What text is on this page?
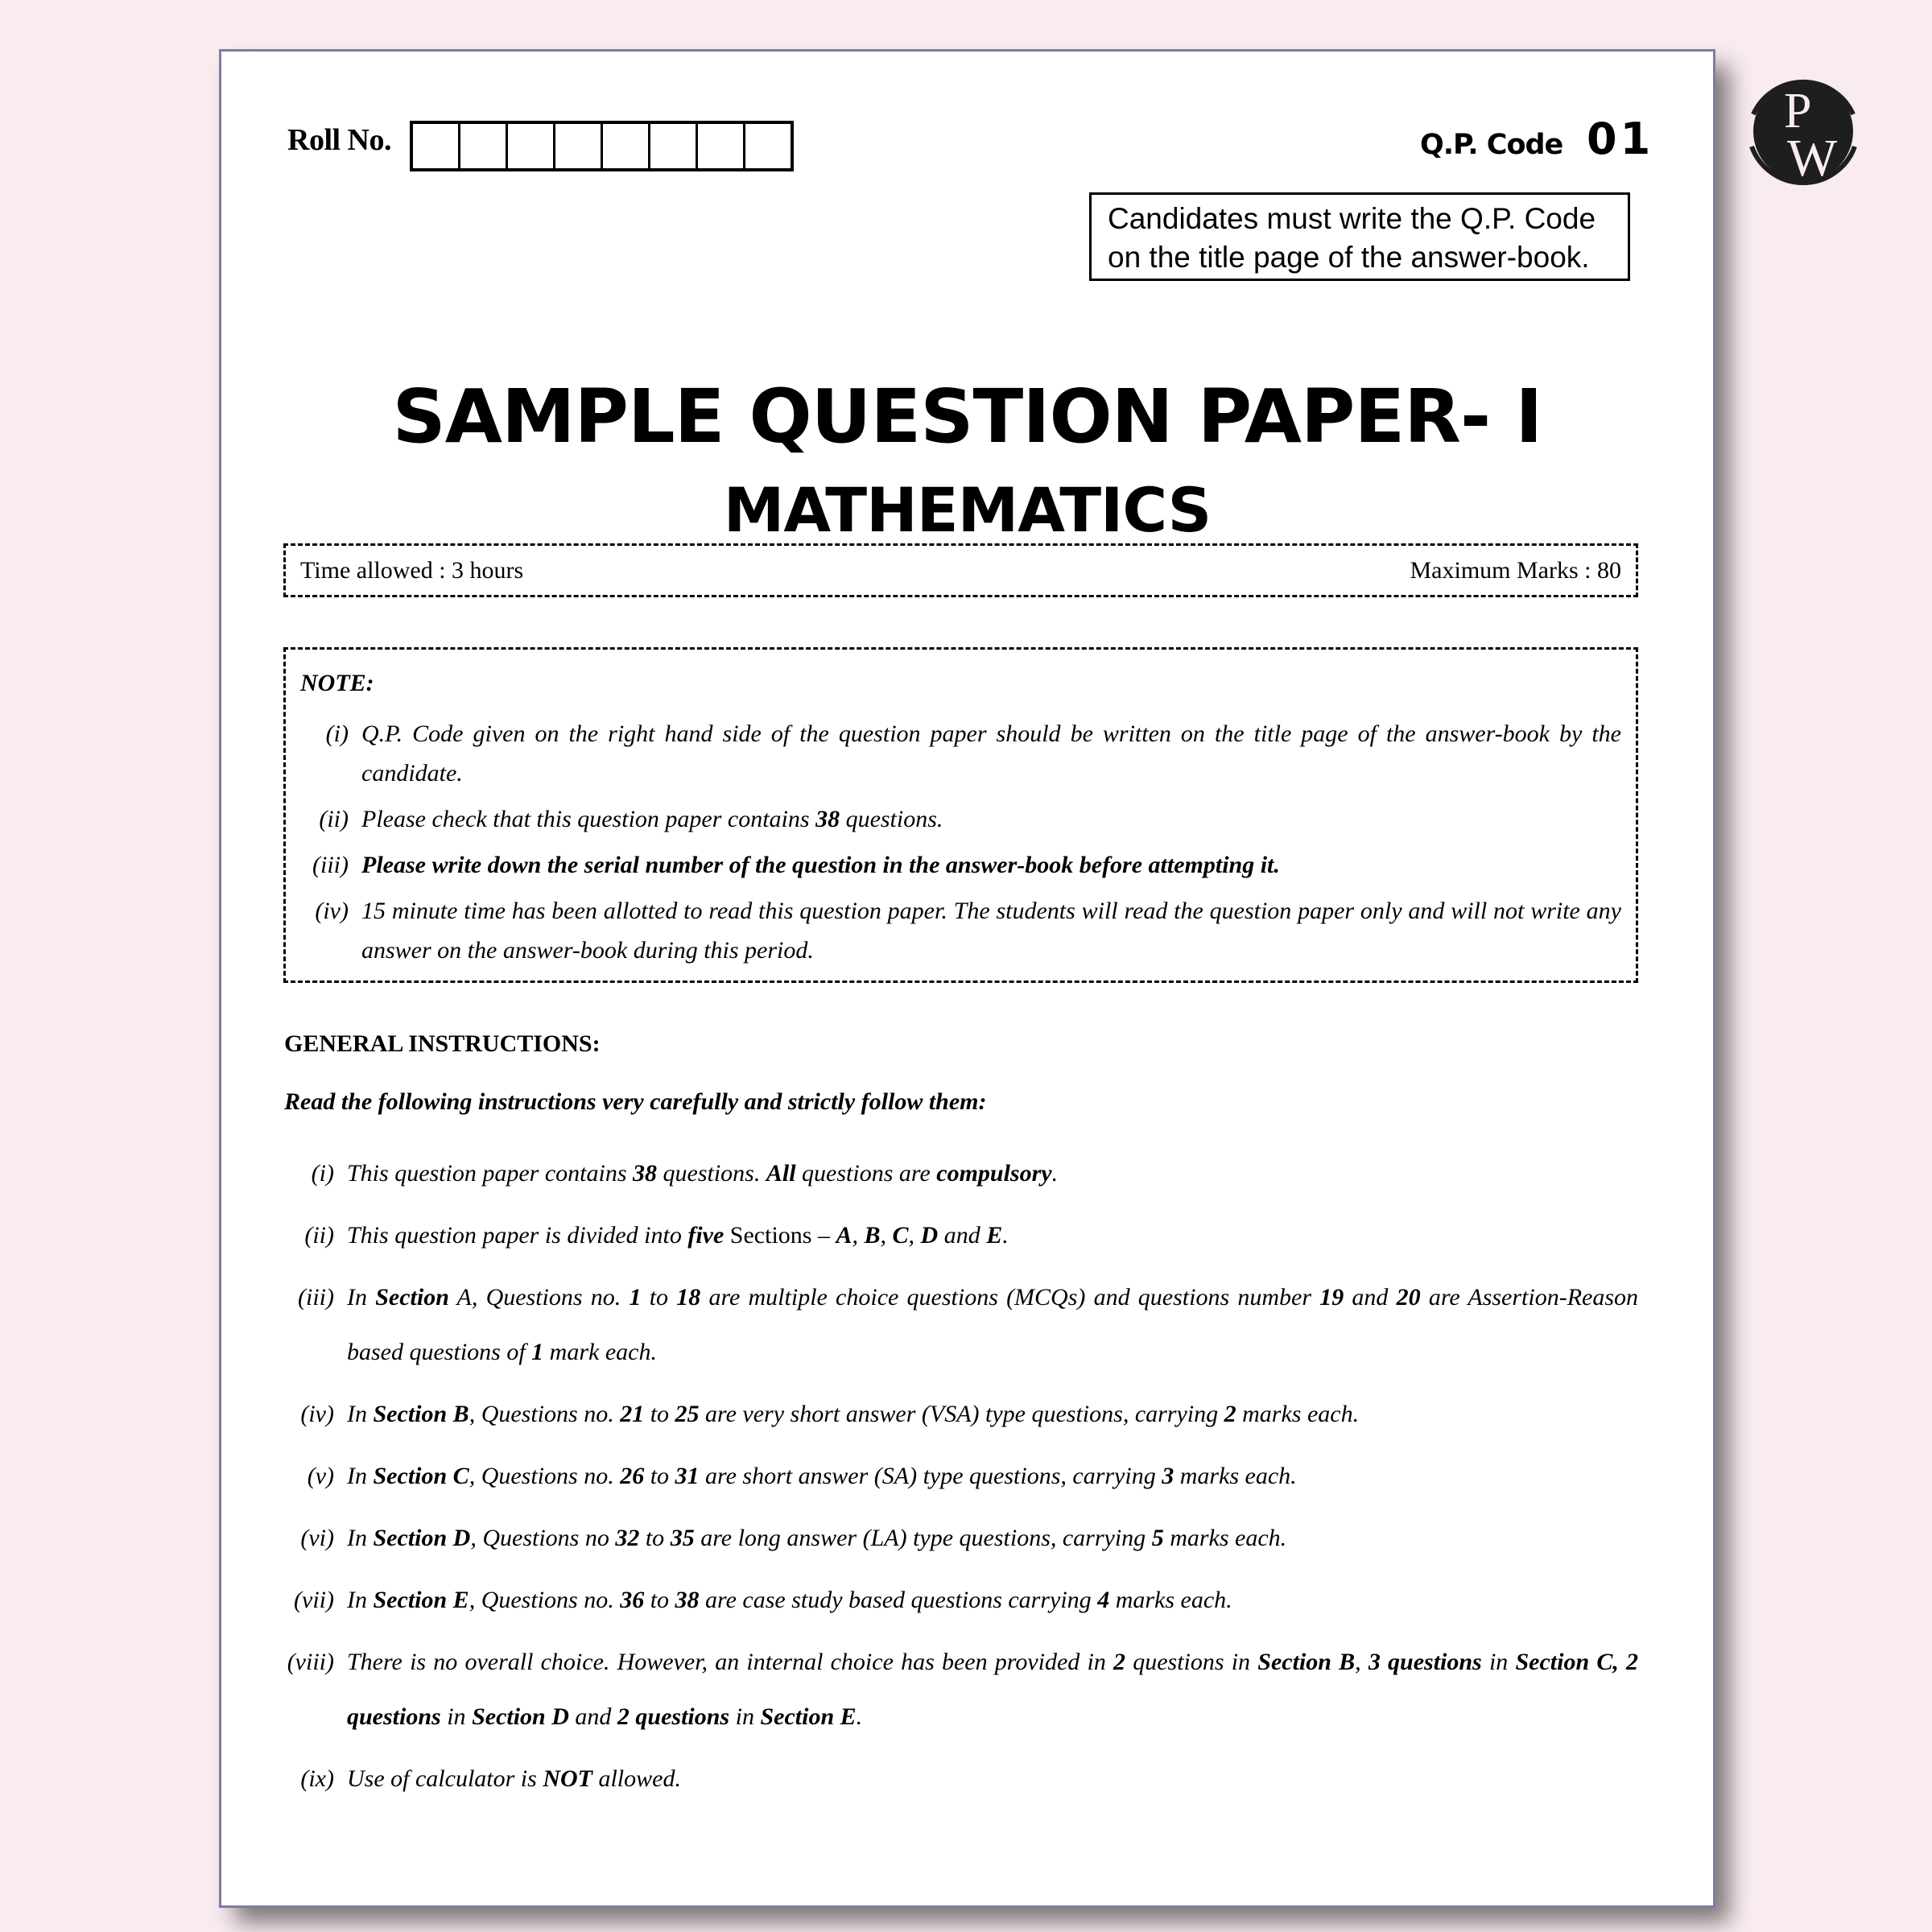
P
W
Roll No.	Q.P. Code 01
Candidates must write the Q.P. Code
on the title page of the answer-book.
SAMPLE QUESTION PAPER- I
MATHEMATICS
Time allowed : 3 hours	Maximum Marks : 80
NOTE:
(i) Q.P. Code given on the right hand side of the question paper should be written on the title page of the answer-book by the candidate.
(ii) Please check that this question paper contains 38 questions.
(iii) Please write down the serial number of the question in the answer-book before attempting it.
(iv) 15 minute time has been allotted to read this question paper. The students will read the question paper only and will not write any answer on the answer-book during this period.
GENERAL INSTRUCTIONS:
Read the following instructions very carefully and strictly follow them:
(i) This question paper contains 38 questions. All questions are compulsory.
(ii) This question paper is divided into five Sections – A, B, C, D and E.
(iii) In Section A, Questions no. 1 to 18 are multiple choice questions (MCQs) and questions number 19 and 20 are Assertion-Reason based questions of 1 mark each.
(iv) In Section B, Questions no. 21 to 25 are very short answer (VSA) type questions, carrying 2 marks each.
(v) In Section C, Questions no. 26 to 31 are short answer (SA) type questions, carrying 3 marks each.
(vi) In Section D, Questions no 32 to 35 are long answer (LA) type questions, carrying 5 marks each.
(vii) In Section E, Questions no. 36 to 38 are case study based questions carrying 4 marks each.
(viii) There is no overall choice. However, an internal choice has been provided in 2 questions in Section B, 3 questions in Section C, 2 questions in Section D and 2 questions in Section E.
(ix) Use of calculator is NOT allowed.
